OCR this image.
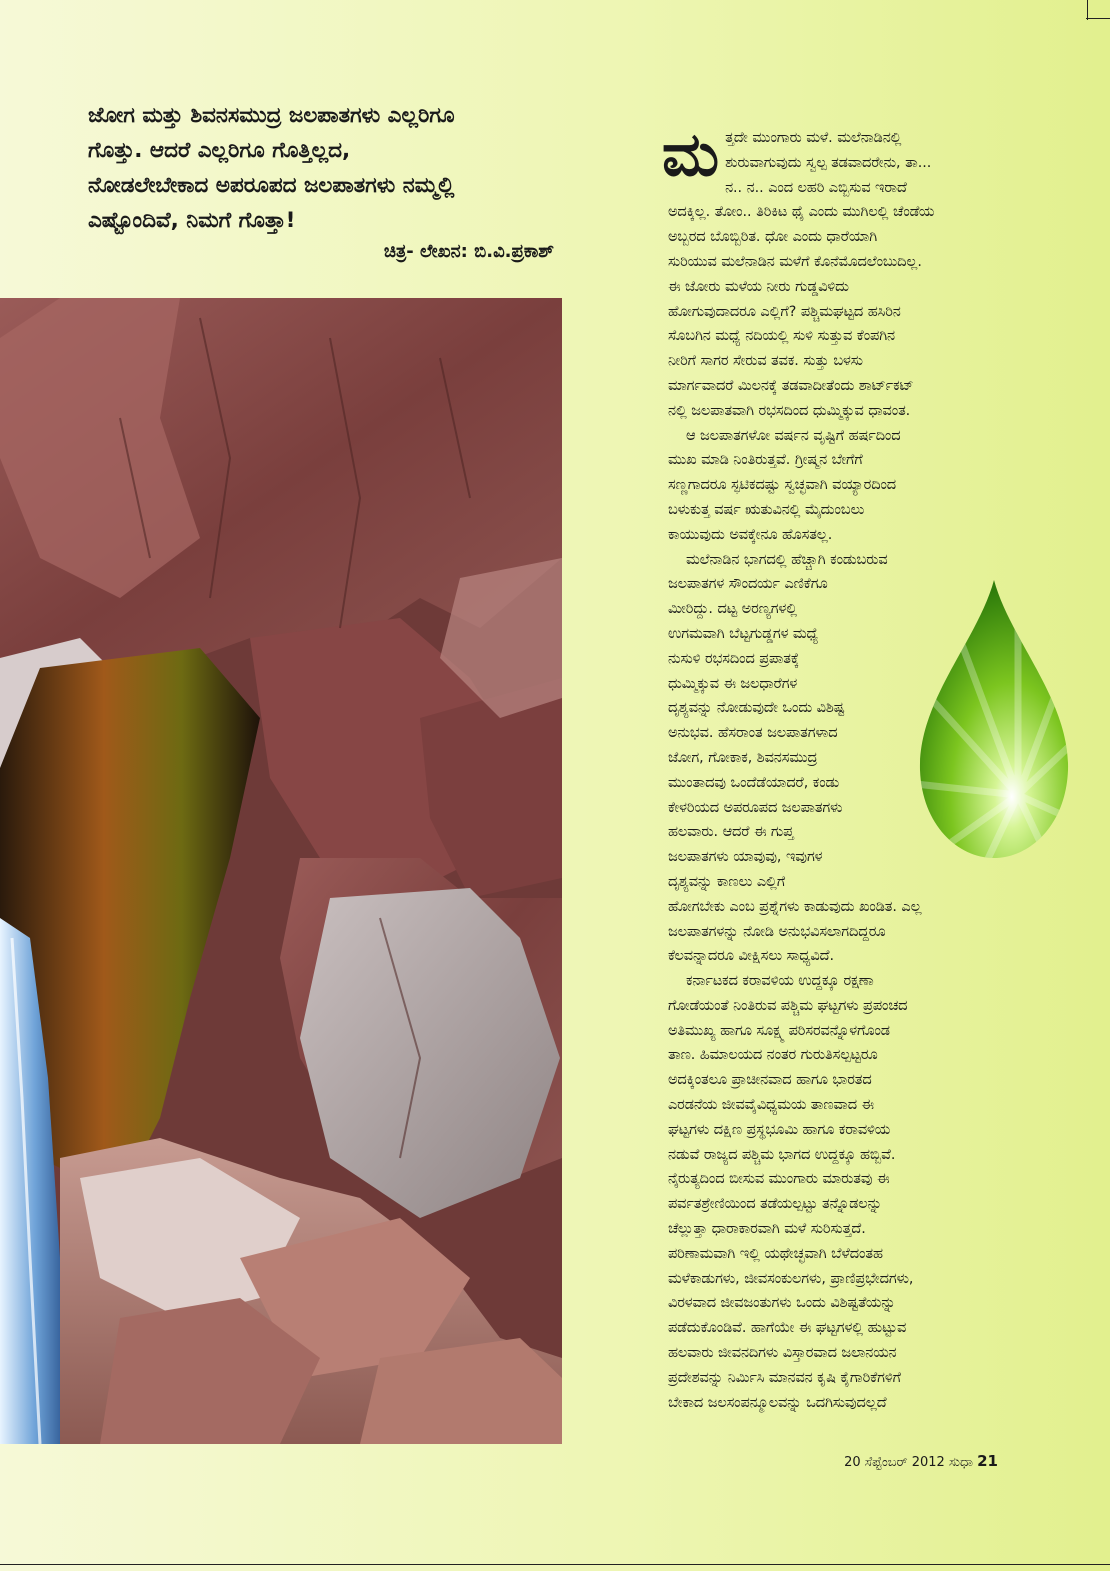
ಜೋಗ ಮತ್ತು ಶಿವನಸಮುದ್ರ ಜಲಪಾತಗಳು ಎಲ್ಲರಿಗೂ

ಗೊತ್ತು. ಆದರೆ ಎಲ್ಲರಿಗೂ ಗೊತ್ತಿಲ್ಲದ,

ನೋಡಲೇಬೇಕಾದ ಅಪರೂಪದ ಜಲಪಾತಗಳು ನಮ್ಮಲ್ಲಿ

ಎಷ್ಟೊಂದಿವೆ, ನಿಮಗೆ ಗೊತ್ತಾ!

ಚಿತ್ರ- ಲೇಖನ: ಬಿ.ವಿ.ಪ್ರಕಾಶ್
ಮ ತ್ತದೇ ಮುಂಗಾರು ಮಳೆ. ಮಲೆನಾಡಿನಲ್ಲಿ

ಶುರುವಾಗುವುದು ಸ್ವಲ್ಪ ತಡವಾದರೇನು, ತಾ...

ನ.. ನ.. ಎಂದ ಲಹರಿ ಎಬ್ಬಿಸುವ ಇರಾದೆ

ಅದಕ್ಕಿಲ್ಲ. ತೋಂ.. ತಿರಿಕಿಟ ಥೈ ಎಂದು ಮುಗಿಲಲ್ಲಿ ಚೆಂಡೆಯ

ಅಬ್ಬರದ ಬೊಬ್ಬಿರಿತ. ಧೋ ಎಂದು ಧಾರೆಯಾಗಿ

ಸುರಿಯುವ ಮಲೆನಾಡಿನ ಮಳೆಗೆ ಕೊನೆಮೊದಲೆಂಬುದಿಲ್ಲ.

ಈ ಜೋರು ಮಳೆಯ ನೀರು ಗುಡ್ಡವಿಳಿದು

ಹೋಗುವುದಾದರೂ ಎಲ್ಲಿಗೆ? ಪಶ್ಚಿಮಘಟ್ಟದ ಹಸಿರಿನ

ಸೊಬಗಿನ ಮಧ್ಯೆ ನದಿಯಲ್ಲಿ ಸುಳಿ ಸುತ್ತುವ ಕೆಂಪಗಿನ

ನೀರಿಗೆ ಸಾಗರ ಸೇರುವ ತವಕ. ಸುತ್ತು ಬಳಸು

ಮಾರ್ಗವಾದರೆ ಮಿಲನಕ್ಕೆ ತಡವಾದೀತೆಂದು ಶಾರ್ಟ್‌ಕಟ್

ನಲ್ಲಿ ಜಲಪಾತವಾಗಿ ರಭಸದಿಂದ ಧುಮ್ಮಿಕ್ಕುವ ಧಾವಂತ.

ಆ ಜಲಪಾತಗಳೋ ವರ್ಷನ ವೃಷ್ಟಿಗೆ ಹರ್ಷದಿಂದ

ಮುಖ ಮಾಡಿ ನಿಂತಿರುತ್ತವೆ. ಗ್ರೀಷ್ಮನ ಬೇಗೆಗೆ

ಸಣ್ಣಗಾದರೂ ಸ್ಫಟಿಕದಷ್ಟು ಸ್ವಚ್ಛವಾಗಿ ವಯ್ಯಾರದಿಂದ

ಬಳುಕುತ್ತ ವರ್ಷ ಋತುವಿನಲ್ಲಿ ಮೈದುಂಬಲು

ಕಾಯುವುದು ಅವಕ್ಕೇನೂ ಹೊಸತಲ್ಲ.

ಮಲೆನಾಡಿನ ಭಾಗದಲ್ಲಿ ಹೆಚ್ಚಾಗಿ ಕಂಡುಬರುವ

ಜಲಪಾತಗಳ ಸೌಂದರ್ಯ ಎಣಿಕೆಗೂ

ಮೀರಿದ್ದು. ದಟ್ಟ ಅರಣ್ಯಗಳಲ್ಲಿ

ಉಗಮವಾಗಿ ಬೆಟ್ಟಗುಡ್ಡಗಳ ಮಧ್ಯೆ

ನುಸುಳಿ ರಭಸದಿಂದ ಪ್ರಪಾತಕ್ಕೆ

ಧುಮ್ಮಿಕ್ಕುವ ಈ ಜಲಧಾರೆಗಳ

ದೃಶ್ಯವನ್ನು ನೋಡುವುದೇ ಒಂದು ವಿಶಿಷ್ಟ

ಅನುಭವ. ಹೆಸರಾಂತ ಜಲಪಾತಗಳಾದ

ಜೋಗ, ಗೋಕಾಕ, ಶಿವನಸಮುದ್ರ

ಮುಂತಾದವು ಒಂದೆಡೆಯಾದರೆ, ಕಂಡು

ಕೇಳರಿಯದ ಅಪರೂಪದ ಜಲಪಾತಗಳು

ಹಲವಾರು. ಆದರೆ ಈ ಗುಪ್ತ

ಜಲಪಾತಗಳು ಯಾವುವು, ಇವುಗಳ

ದೃಶ್ಯವನ್ನು ಕಾಣಲು ಎಲ್ಲಿಗೆ

ಹೋಗಬೇಕು ಎಂಬ ಪ್ರಶ್ನೆಗಳು ಕಾಡುವುದು ಖಂಡಿತ. ಎಲ್ಲ

ಜಲಪಾತಗಳನ್ನು ನೋಡಿ ಅನುಭವಿಸಲಾಗದಿದ್ದರೂ

ಕೆಲವನ್ನಾದರೂ ವೀಕ್ಷಿಸಲು ಸಾಧ್ಯವಿದೆ.

ಕರ್ನಾಟಕದ ಕರಾವಳಿಯ ಉದ್ದಕ್ಕೂ ರಕ್ಷಣಾ

ಗೋಡೆಯಂತೆ ನಿಂತಿರುವ ಪಶ್ಚಿಮ ಘಟ್ಟಗಳು ಪ್ರಪಂಚದ

ಅತಿಮುಖ್ಯ ಹಾಗೂ ಸೂಕ್ಷ್ಮ ಪರಿಸರವನ್ನೊಳಗೊಂಡ

ತಾಣ. ಹಿಮಾಲಯದ ನಂತರ ಗುರುತಿಸಲ್ಪಟ್ಟರೂ

ಅದಕ್ಕಿಂತಲೂ ಪ್ರಾಚೀನವಾದ ಹಾಗೂ ಭಾರತದ

ಎರಡನೆಯ ಜೀವವೈವಿಧ್ಯಮಯ ತಾಣವಾದ ಈ

ಘಟ್ಟಗಳು ದಕ್ಷಿಣ ಪ್ರಸ್ಥಭೂಮಿ ಹಾಗೂ ಕರಾವಳಿಯ

ನಡುವೆ ರಾಜ್ಯದ ಪಶ್ಚಿಮ ಭಾಗದ ಉದ್ದಕ್ಕೂ ಹಬ್ಬಿವೆ.

ನೈರುತ್ಯದಿಂದ ಬೀಸುವ ಮುಂಗಾರು ಮಾರುತವು ಈ

ಪರ್ವತಶ್ರೇಣಿಯಿಂದ ತಡೆಯಲ್ಪಟ್ಟು ತನ್ನೊಡಲನ್ನು

ಚೆಲ್ಲುತ್ತಾ ಧಾರಾಕಾರವಾಗಿ ಮಳೆ ಸುರಿಸುತ್ತದೆ.

ಪರಿಣಾಮವಾಗಿ ಇಲ್ಲಿ ಯಥೇಚ್ಛವಾಗಿ ಬೆಳೆದಂತಹ

ಮಳೆಕಾಡುಗಳು, ಜೀವಸಂಕುಲಗಳು, ಪ್ರಾಣಿಪ್ರಭೇದಗಳು,

ವಿರಳವಾದ ಜೀವಜಂತುಗಳು ಒಂದು ವಿಶಿಷ್ಟತೆಯನ್ನು

ಪಡೆದುಕೊಂಡಿವೆ. ಹಾಗೆಯೇ ಈ ಘಟ್ಟಗಳಲ್ಲಿ ಹುಟ್ಟುವ

ಹಲವಾರು ಜೀವನದಿಗಳು ವಿಸ್ತಾರವಾದ ಜಲಾನಯನ

ಪ್ರದೇಶವನ್ನು ನಿರ್ಮಿಸಿ ಮಾನವನ ಕೃಷಿ ಕೈಗಾರಿಕೆಗಳಿಗೆ

ಬೇಕಾದ ಜಲಸಂಪನ್ಮೂಲವನ್ನು ಒದಗಿಸುವುದಲ್ಲದೆ

20 ಸೆಪ್ಟೆಂಬರ್ 2012 ಸುಧಾ 21
